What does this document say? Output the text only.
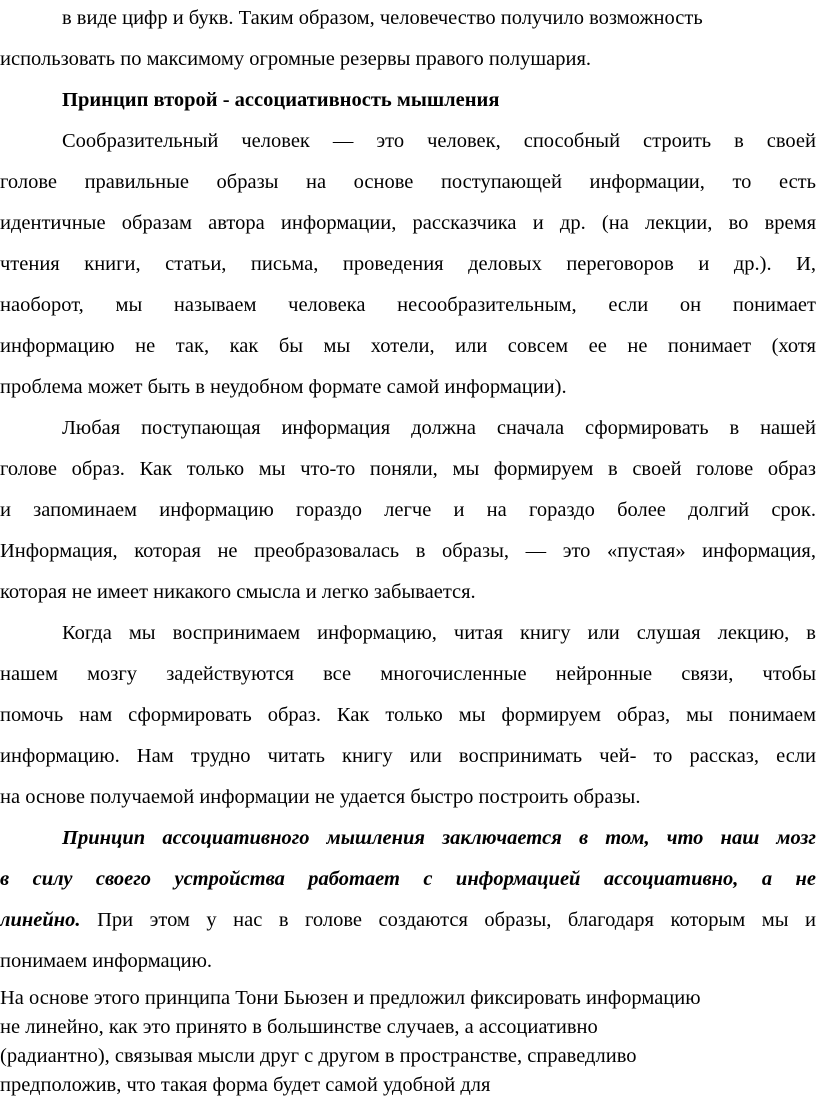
в виде цифр и букв. Таким образом, человечество получило возможность
использовать по максимому огромные резервы правого полушария.
Принцип второй - ассоциативность мышления
Сообразительный человек — это человек, способный строить в своей
голове правильные образы на основе поступающей информации, то есть
идентичные образам автора информации, рассказчика и др. (на лекции, во время
чтения книги, статьи, письма, проведения деловых переговоров и др.). И,
наоборот, мы называем человека несообразительным, если он понимает
информацию не так, как бы мы хотели, или совсем ее не понимает (хотя
проблема может быть в неудобном формате самой информации).
Любая поступающая информация должна сначала сформировать в нашей
голове образ. Как только мы что-то поняли, мы формируем в своей голове образ
и запоминаем информацию гораздо легче и на гораздо более долгий срок.
Информация, которая не преобразовалась в образы, — это «пустая» информация,
которая не имеет никакого смысла и легко забывается.
Когда мы воспринимаем информацию, читая книгу или слушая лекцию, в
нашем мозгу задействуются все многочисленные нейронные связи, чтобы
помочь нам сформировать образ. Как только мы формируем образ, мы понимаем
информацию. Нам трудно читать книгу или воспринимать чей- то рассказ, если
на основе получаемой информации не удается быстро построить образы.
Принцип ассоциативного мышления заключается в том, что наш мозг
в силу своего устройства работает с информацией ассоциативно, а не
линейно. При этом у нас в голове создаются образы, благодаря которым мы и
понимаем информацию.
На основе этого принципа Тони Бьюзен и предложил фиксировать информацию
не линейно, как это принято в большинстве случаев, а ассоциативно
(радиантно), связывая мысли друг с другом в пространстве, справедливо
предположив, что такая форма будет самой удобной для
